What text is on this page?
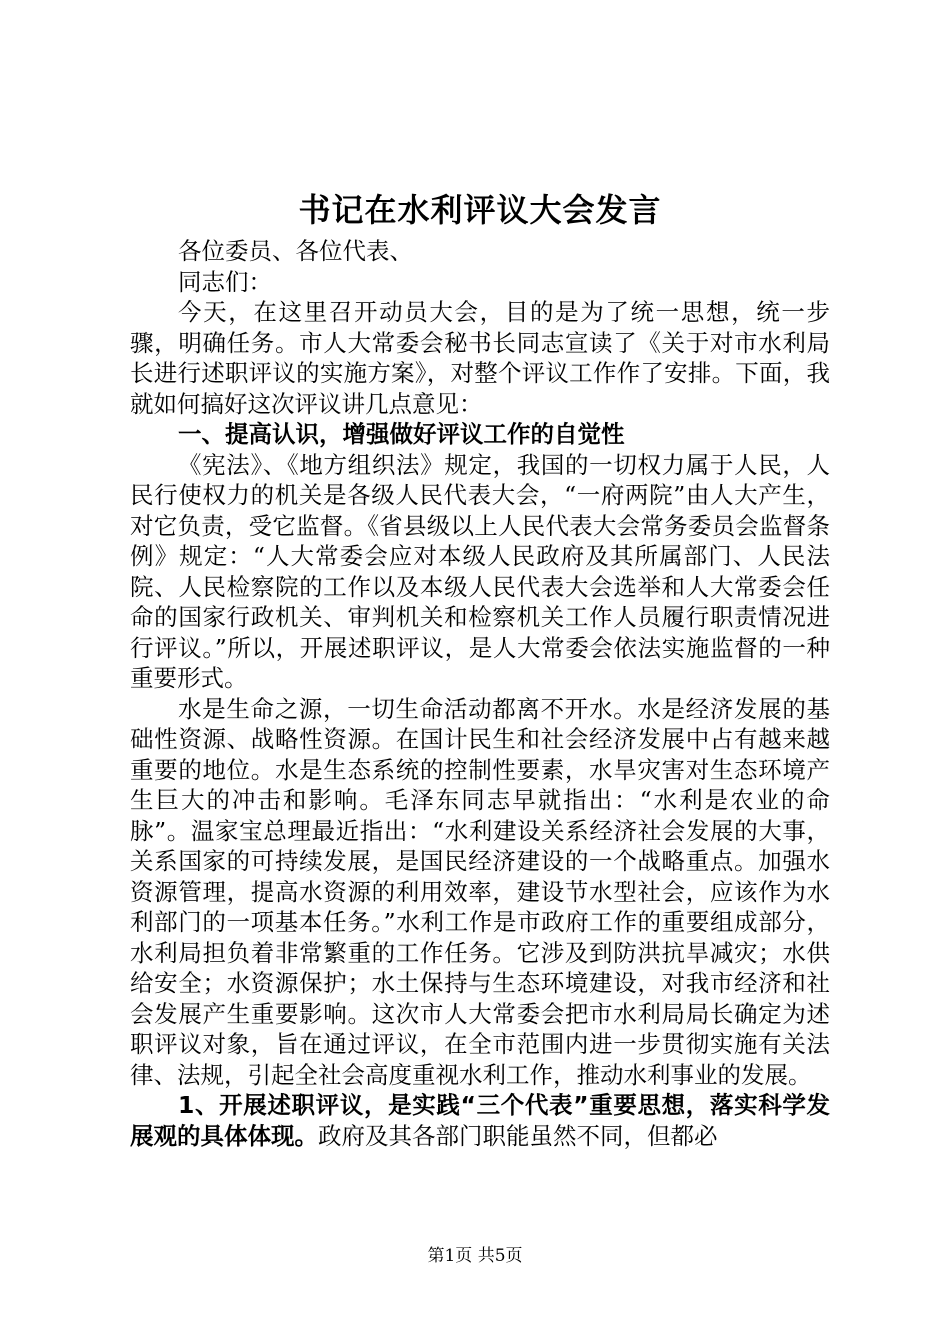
书记在水利评议大会发言

各位委员、各位代表、

同志们：

今天，在这里召开动员大会，目的是为了统一思想，统一步骤，明确任务。市人大常委会秘书长同志宣读了《关于对市水利局长进行述职评议的实施方案》，对整个评议工作作了安排。下面，我就如何搞好这次评议讲几点意见：

一、提高认识，增强做好评议工作的自觉性

《宪法》、《地方组织法》规定，我国的一切权力属于人民，人民行使权力的机关是各级人民代表大会，“一府两院”由人大产生，对它负责，受它监督。《省县级以上人民代表大会常务委员会监督条例》规定：“人大常委会应对本级人民政府及其所属部门、人民法院、人民检察院的工作以及本级人民代表大会选举和人大常委会任命的国家行政机关、审判机关和检察机关工作人员履行职责情况进行评议。”所以，开展述职评议，是人大常委会依法实施监督的一种重要形式。

水是生命之源，一切生命活动都离不开水。水是经济发展的基础性资源、战略性资源。在国计民生和社会经济发展中占有越来越重要的地位。水是生态系统的控制性要素，水旱灾害对生态环境产生巨大的冲击和影响。毛泽东同志早就指出：“水利是农业的命脉”。温家宝总理最近指出：“水利建设关系经济社会发展的大事，关系国家的可持续发展，是国民经济建设的一个战略重点。加强水资源管理，提高水资源的利用效率，建设节水型社会，应该作为水利部门的一项基本任务。”水利工作是市政府工作的重要组成部分，水利局担负着非常繁重的工作任务。它涉及到防洪抗旱减灾；水供给安全；水资源保护；水土保持与生态环境建设，对我市经济和社会发展产生重要影响。这次市人大常委会把市水利局局长确定为述职评议对象，旨在通过评议，在全市范围内进一步贯彻实施有关法律、法规，引起全社会高度重视水利工作，推动水利事业的发展。

1、开展述职评议，是实践“三个代表”重要思想，落实科学发展观的具体体现。政府及其各部门职能虽然不同，但都必

第1页 共5页
